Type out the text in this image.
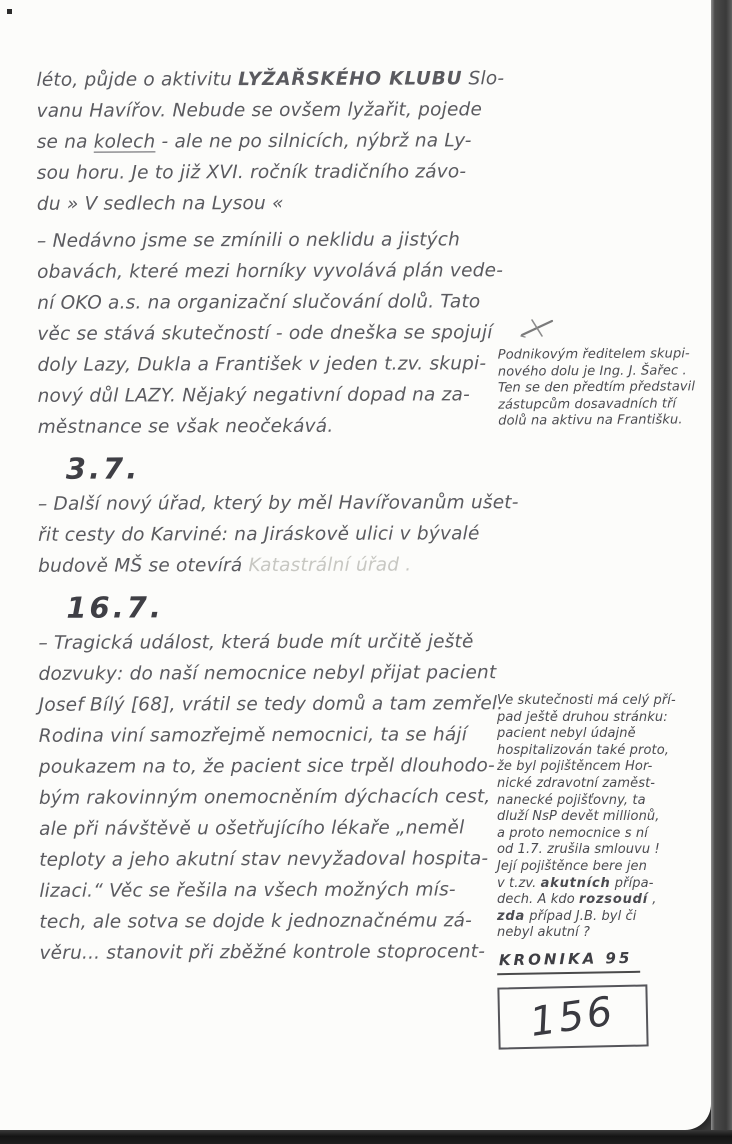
léto, půjde o aktivitu LYŽAŘSKÉHO KLUBU Slo-
vanu Havířov. Nebude se ovšem lyžařit, pojede
se na kolech - ale ne po silnicích, nýbrž na Ly-
sou horu. Je to již XVI. ročník tradičního závo-
du » V sedlech na Lysou «
– Nedávno jsme se zmínili o neklidu a jistých
obavách, které mezi horníky vyvolává plán vede-
ní OKO a.s. na organizační slučování dolů. Tato
věc se stává skutečností - ode dneška se spojují
doly Lazy, Dukla a František v jeden t.zv. skupi-
nový důl LAZY. Nějaký negativní dopad na za-
městnance se však neočekává.
3.7.
– Další nový úřad, který by měl Havířovanům ušet-
řit cesty do Karviné: na Jiráskově ulici v bývalé
budově MŠ se otevírá Katastrální úřad .
16.7.
– Tragická událost, která bude mít určitě ještě
dozvuky: do naší nemocnice nebyl přijat pacient
Josef Bílý [68], vrátil se tedy domů a tam zemřel.
Rodina viní samozřejmě nemocnici, ta se hájí
poukazem na to, že pacient sice trpěl dlouhodo-
bým rakovinným onemocněním dýchacích cest,
ale při návštěvě u ošetřujícího lékaře „neměl
teploty a jeho akutní stav nevyžadoval hospita-
lizaci.“ Věc se řešila na všech možných mís-
tech, ale sotva se dojde k jednoznačnému zá-
věru... stanovit při zběžné kontrole stoprocent-
Podnikovým ředitelem skupi-
nového dolu je Ing. J. Šařec .
Ten se den předtím představil
zástupcům dosavadních tří
dolů na aktivu na Františku.
Ve skutečnosti má celý pří-
pad ještě druhou stránku:
pacient nebyl údajně
hospitalizován také proto,
že byl pojištěncem Hor-
nické zdravotní zaměst-
nanecké pojišťovny, ta
dluží NsP devět millionů,
a proto nemocnice s ní
od 1.7. zrušila smlouvu !
Její pojištěnce bere jen
v t.zv. akutních přípa-
dech. A kdo rozsoudí ,
zda případ J.B. byl či
nebyl akutní ?
KRONIKA 95
156
